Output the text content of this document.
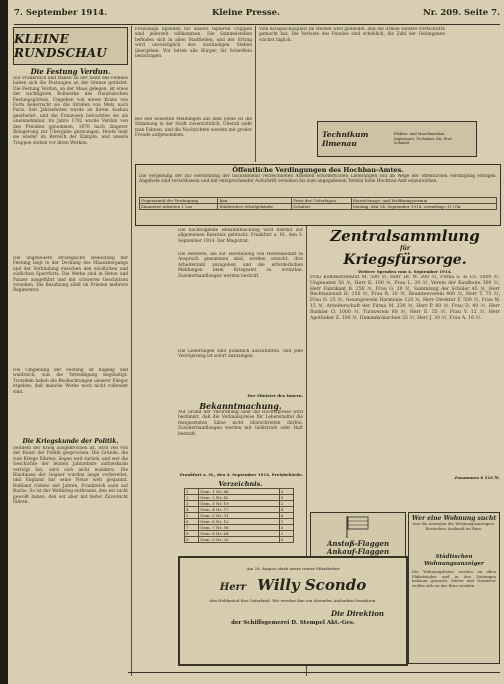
7. September 1914.	Kleine Presse.	Nr. 209. Seite 7.
KLEINE RUNDSCHAU
Die Festung Verdun.
Auf Frankreich und Italien an der Seite des Feindes haben sich die Festungen an der Grenze gerüstet. Die Festung Verdun, an der Maas gelegen, ist eines der wichtigsten Bollwerke des französischen Festungsgürtels. Umgeben von einem Kranz von Forts beherrscht sie die Straßen von Metz nach Paris. Seit Jahrzehnten wurde an ihrem Ausbau gearbeitet, und die Franzosen betrachten sie als uneinnehmbar. Im Jahre 1792 wurde Verdun von den Preußen genommen, 1870 nach längerer Belagerung zur Übergabe gezwungen. Heute liegt sie wieder im Bereich der Kämpfe, und unsere Truppen stehen vor ihren Werken.
Die ungeheuere strategische Bedeutung der Festung liegt in der Deckung des Maasübergangs und der Verbindung zwischen den nördlichen und südlichen Sperrforts. Die Werke sind in Beton und Panzer ausgeführt und mit schweren Geschützen versehen. Die Besatzung zählt im Frieden mehrere Regimenter.
Die Umgebung der Festung ist hügelig und waldreich, was die Verteidigung begünstigt. Trotzdem haben die Beobachtungen unserer Flieger ergeben, daß manche Werke noch nicht vollendet sind.
Die Kriegskunde der Politik.
Seitdem der Krieg ausgebrochen ist, wird viel von der Kunst der Politik gesprochen. Die Gründe, die zum Kriege führten, liegen weit zurück, und wer die Geschichte der letzten Jahrzehnte aufmerksam verfolgt hat, wird sich nicht wundern. Die Bündnisse der Gegner wurden lange vorbereitet, und England hat seine Netze weit gespannt. Rußland rüstete seit Jahren, Frankreich sann auf Rache. So ist der Weltkrieg entbrannt, den wir nicht gewollt haben, den wir aber mit fester Zuversicht führen.
Freiwillige Spenden für unsere tapferen Truppen sind jederzeit willkommen. Die Sammelstellen befinden sich in allen Stadtteilen, und der Ertrag wird unverzüglich den zuständigen Stellen übergeben. Wir bitten alle Bürger, ihr Scherflein beizutragen.
Bei den neuesten Meldungen aus dem Felde ist die Stimmung in der Stadt zuversichtlich. Überall sieht man Fahnen, und die Nachrichten werden mit großer Freude aufgenommen.
Vom Kriegsschauplatz im Westen wird gemeldet, daß die Armee weitere Fortschritte gemacht hat. Die Verluste des Feindes sind erheblich, die Zahl der Gefangenen wächst täglich.
Technikum Ilmenau
Elektro- und Maschinenbau, Ingenieure, Techniker. Dir. Prof. Schmidt
Öffentliche Verdingungen des Hochbau-Amtes.
Die Vergebung der zur Herstellung der nachstehend verzeichneten Arbeiten erforderlichen Lieferungen soll im Wege der öffentlichen Verdingung erfolgen. Angebote sind verschlossen und mit entsprechender Aufschrift versehen bis zum angegebenen Termin beim Hochbau-Amt einzureichen.
Gegenstand der Verdingung	Bau	Preis der Unterlagen	Einreichungs- und Eröffnungstermin
Zimmerer-Arbeiten 1 Los	Städtisches Schulgebäude	Schalter	Montag, den 14. September 1914, vormittags 11 Uhr
Die nachfolgende Bekanntmachung wird hiermit zur allgemeinen Kenntnis gebracht. Frankfurt a. M., den 3. September 1914. Der Magistrat.
Die Betriebe, die zur Herstellung von Heeresbedarf in Anspruch genommen sind, werden ersucht, ihre Arbeiterzahl anzugeben und die erforderlichen Meldungen beim Kriegsamt zu erstatten. Zuwiderhandlungen werden bestraft.
Die Lieferungen sind pünktlich auszuführen, und jede Verzögerung ist sofort anzuzeigen.
Der Minister des Innern.
Bekanntmachung.
Auf Grund der Verordnung über die Höchstpreise wird bestimmt, daß die Verkaufspreise für Lebensmittel die festgesetzten Sätze nicht überschreiten dürfen. Zuwiderhandlungen werden mit Geldstrafe oder Haft bestraft.
Frankfurt a. M., den 4. September 1914. Preisbehörde.
Verzeichnis.
1	Gem. 1 Nr. 86	3
2	Gem. 2 Nr. 42	5
3	Gem. 3 Nr. 19	2
4	Gem. 4 Nr. 77	4
5	Gem. 5 Nr. 31	6
6	Gem. 6 Nr. 12	1
7	Gem. 7 Nr. 58	3
8	Gem. 8 Nr. 64	2
9	Gem. 9 Nr. 25	5
Zentralsammlung
für
Kriegsfürsorge.
Weitere Spenden vom 4. September 1914.
Frau Kommerzienrat M. 500 ℳ, Herr Dr. W. 200 ℳ, Firma S. & Co. 1000 ℳ, Ungenannt 50 ℳ, Herr K. 100 ℳ, Frau L. 30 ℳ, Verein der Kaufleute 300 ℳ, Herr Fabrikant B. 250 ℳ, Frau G. 20 ℳ, Sammlung der Schüler 45 ℳ, Herr Rechtsanwalt H. 150 ℳ, Frau R. 10 ℳ, Beamtenverein 400 ℳ, Herr T. 75 ℳ, Frau N. 25 ℳ, Gesangverein Harmonie 120 ℳ, Herr Direktor F. 500 ℳ, Frau W. 15 ℳ, Arbeiterschaft der Firma M. 230 ℳ, Herr P. 60 ℳ, Frau D. 40 ℳ, Herr Bankier O. 1000 ℳ, Turnverein 80 ℳ, Herr E. 35 ℳ, Frau V. 12 ℳ, Herr Apotheker Z. 100 ℳ, Damenkränzchen 55 ℳ, Herr J. 20 ℳ, Frau A. 18 ℳ.
Zusammen 8 516 ℳ.
Anstoß-Flaggen
Ankauf-Flaggen
Wer eine Wohnung sucht
lese die Anzeigen des Wohnungsanzeigers. Kostenlose Auskunft im Büro.
Städtischen Wohnungsanzeiger
Die Wohnungslisten werden an allen Plakatsäulen und in den Zeitungen bekannt gemacht. Mieter und Vermieter wollen sich an das Büro wenden.
Am 28. August starb unser treuer Mitarbeiter
Herr Willy Scondo
den Heldentod fürs Vaterland. Wir werden ihm ein ehrendes Andenken bewahren.
Die Direktion
der Schiffsgemerei D. Stempel Akt.-Ges.
